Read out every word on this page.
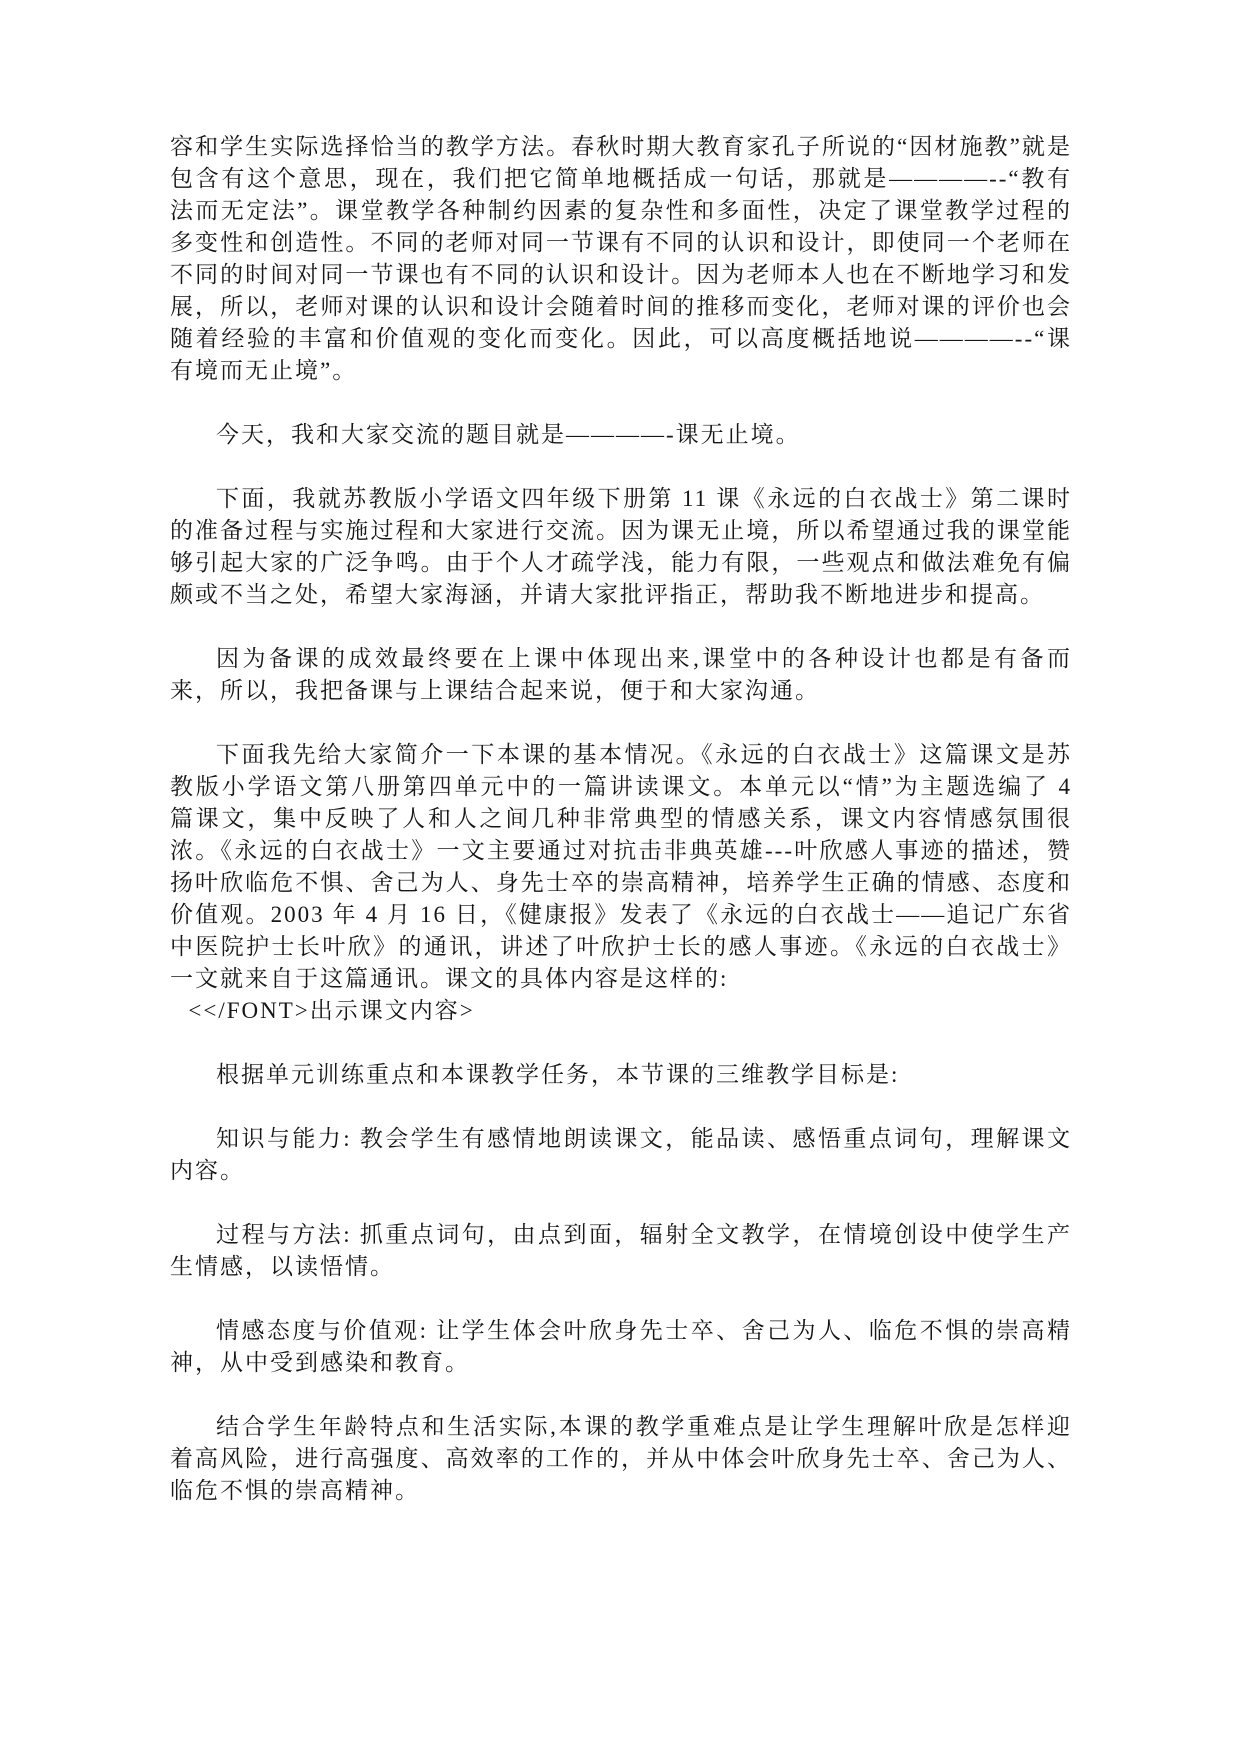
容和学生实际选择恰当的教学方法。春秋时期大教育家孔子所说的“因材施教”就是包含有这个意思，现在，我们把它简单地概括成一句话，那就是————--“教有法而无定法”。课堂教学各种制约因素的复杂性和多面性，决定了课堂教学过程的多变性和创造性。不同的老师对同一节课有不同的认识和设计，即使同一个老师在不同的时间对同一节课也有不同的认识和设计。因为老师本人也在不断地学习和发展，所以，老师对课的认识和设计会随着时间的推移而变化，老师对课的评价也会随着经验的丰富和价值观的变化而变化。因此，可以高度概括地说————--“课有境而无止境”。

今天，我和大家交流的题目就是————-课无止境。

下面，我就苏教版小学语文四年级下册第 11 课《永远的白衣战士》第二课时的准备过程与实施过程和大家进行交流。因为课无止境，所以希望通过我的课堂能够引起大家的广泛争鸣。由于个人才疏学浅，能力有限，一些观点和做法难免有偏颇或不当之处，希望大家海涵，并请大家批评指正，帮助我不断地进步和提高。

因为备课的成效最终要在上课中体现出来,课堂中的各种设计也都是有备而来，所以，我把备课与上课结合起来说，便于和大家沟通。

下面我先给大家简介一下本课的基本情况。《永远的白衣战士》这篇课文是苏教版小学语文第八册第四单元中的一篇讲读课文。本单元以“情”为主题选编了 4 篇课文，集中反映了人和人之间几种非常典型的情感关系，课文内容情感氛围很浓。《永远的白衣战士》一文主要通过对抗击非典英雄---叶欣感人事迹的描述，赞扬叶欣临危不惧、舍己为人、身先士卒的崇高精神，培养学生正确的情感、态度和价值观。2003 年 4 月 16 日，《健康报》发表了《永远的白衣战士——追记广东省中医院护士长叶欣》的通讯，讲述了叶欣护士长的感人事迹。《永远的白衣战士》一文就来自于这篇通讯。课文的具体内容是这样的:

<</FONT>出示课文内容>

根据单元训练重点和本课教学任务，本节课的三维教学目标是:

知识与能力: 教会学生有感情地朗读课文，能品读、感悟重点词句，理解课文内容。

过程与方法: 抓重点词句，由点到面，辐射全文教学，在情境创设中使学生产生情感，以读悟情。

情感态度与价值观: 让学生体会叶欣身先士卒、舍己为人、临危不惧的崇高精神，从中受到感染和教育。

结合学生年龄特点和生活实际,本课的教学重难点是让学生理解叶欣是怎样迎着高风险，进行高强度、高效率的工作的，并从中体会叶欣身先士卒、舍己为人、临危不惧的崇高精神。
